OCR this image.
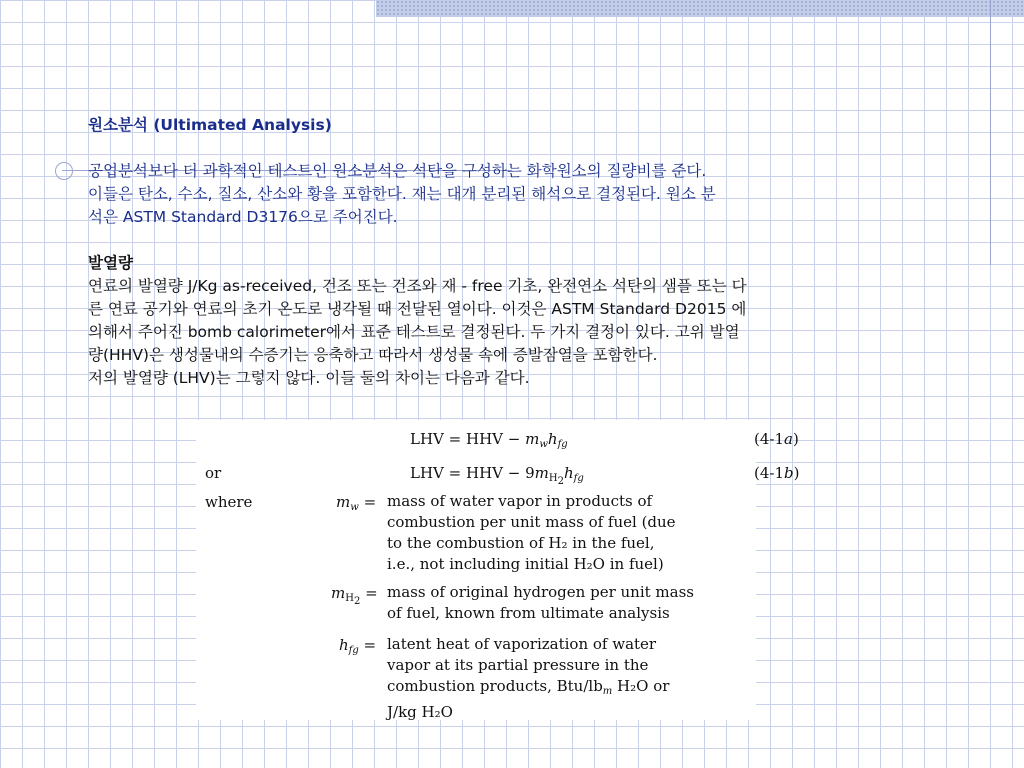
원소분석 (Ultimated Analysis)

공업분석보다 더 과학적인 테스트인 원소분석은 석탄을 구성하는 화학원소의 질량비를 준다.

이들은 탄소, 수소, 질소, 산소와 황을 포함한다. 재는 대개 분리된 해석으로 결정된다. 원소 분

석은 ASTM Standard D3176으로 주어진다.

발열량

연료의 발열량 J/Kg as-received, 건조 또는 건조와 재 - free 기초, 완전연소 석탄의 샘플 또는 다

른 연료 공기와 연료의 초기 온도로 냉각될 때 전달된 열이다. 이것은 ASTM Standard D2015 에

의해서 주어진 bomb calorimeter에서 표준 테스트로 결정된다. 두 가지 결정이 있다. 고위 발열

량(HHV)은 생성물내의 수증기는 응축하고 따라서 생성물 속에 증발잠열을 포함한다.

저의 발열량 (LHV)는 그렇지 않다. 이들 둘의 차이는 다음과 같다.

LHV = HHV − $m_wh_{fg}$	(4-1a)
or	LHV = HHV − $9m_{H_2}h_{fg}$	(4-1b)
where	$m_w$ = mass of water vapor in products of
combustion per unit mass of fuel (due
to the combustion of H₂ in the fuel,
i.e., not including initial H₂O in fuel)
$m_{H_2}$ = mass of original hydrogen per unit mass
of fuel, known from ultimate analysis
$h_{fg}$ = latent heat of vaporization of water
vapor at its partial pressure in the
combustion products, Btu/$lb_m$ H₂O or
J/kg H₂O
